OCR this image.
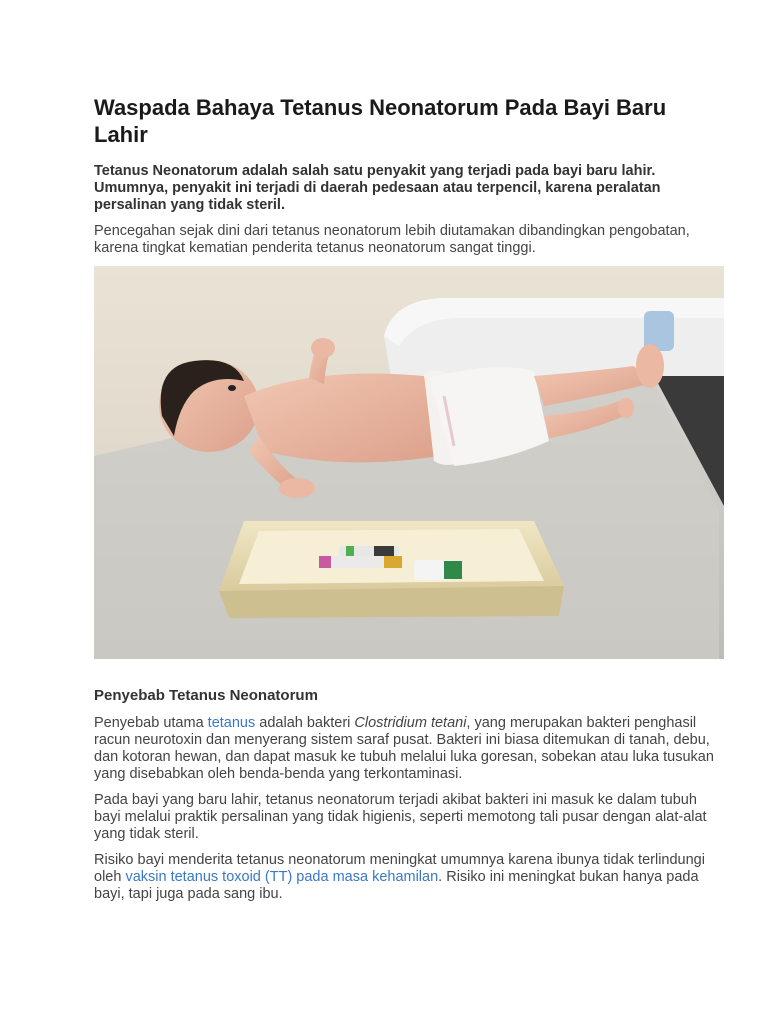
Waspada Bahaya Tetanus Neonatorum Pada Bayi Baru Lahir

Tetanus Neonatorum adalah salah satu penyakit yang terjadi pada bayi baru lahir. Umumnya, penyakit ini terjadi di daerah pedesaan atau terpencil, karena peralatan persalinan yang tidak steril.

Pencegahan sejak dini dari tetanus neonatorum lebih diutamakan dibandingkan pengobatan, karena tingkat kematian penderita tetanus neonatorum sangat tinggi.

Penyebab Tetanus Neonatorum

Penyebab utama tetanus adalah bakteri Clostridium tetani, yang merupakan bakteri penghasil racun neurotoxin dan menyerang sistem saraf pusat. Bakteri ini biasa ditemukan di tanah, debu, dan kotoran hewan, dan dapat masuk ke tubuh melalui luka goresan, sobekan atau luka tusukan yang disebabkan oleh benda-benda yang terkontaminasi.

Pada bayi yang baru lahir, tetanus neonatorum terjadi akibat bakteri ini masuk ke dalam tubuh bayi melalui praktik persalinan yang tidak higienis, seperti memotong tali pusar dengan alat-alat yang tidak steril.

Risiko bayi menderita tetanus neonatorum meningkat umumnya karena ibunya tidak terlindungi oleh vaksin tetanus toxoid (TT) pada masa kehamilan. Risiko ini meningkat bukan hanya pada bayi, tapi juga pada sang ibu.
